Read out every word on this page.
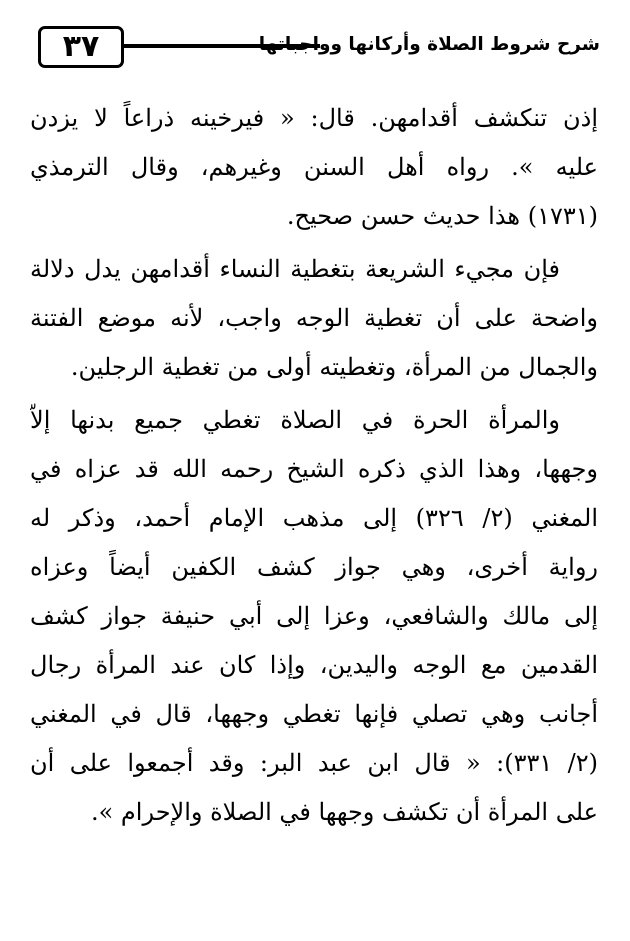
٣٧	شرح شروط الصلاة وأركانها وواجباتها
إذن تنكشف أقدامهن. قال: « فيرخينه ذراعاً لا يزدن
عليه ». رواه أهل السنن وغيرهم، وقال الترمذي
(١٧٣١) هذا حديث حسن صحيح.
فإن مجيء الشريعة بتغطية النساء أقدامهن يدل دلالة
واضحة على أن تغطية الوجه واجب، لأنه موضع الفتنة
والجمال من المرأة، وتغطيته أولى من تغطية الرجلين.
والمرأة الحرة في الصلاة تغطي جميع بدنها إلاّ
وجهها، وهذا الذي ذكره الشيخ رحمه الله قد عزاه في
المغني (٢/ ٣٢٦) إلى مذهب الإمام أحمد، وذكر له
رواية أخرى، وهي جواز كشف الكفين أيضاً وعزاه
إلى مالك والشافعي، وعزا إلى أبي حنيفة جواز كشف
القدمين مع الوجه واليدين، وإذا كان عند المرأة رجال
أجانب وهي تصلي فإنها تغطي وجهها، قال في المغني
(٢/ ٣٣١): « قال ابن عبد البر: وقد أجمعوا على أن
على المرأة أن تكشف وجهها في الصلاة والإحرام ».
